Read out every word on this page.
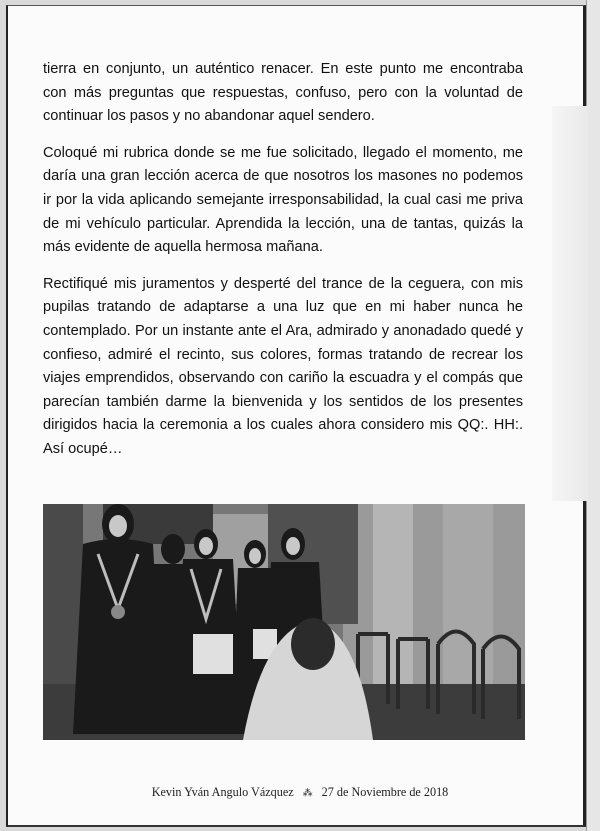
tierra en conjunto, un auténtico renacer. En este punto me encontraba con más preguntas que respuestas, confuso, pero con la voluntad de continuar los pasos y no abandonar aquel sendero.

Coloqué mi rubrica donde se me fue solicitado, llegado el momento, me daría una gran lección acerca de que nosotros los masones no podemos ir por la vida aplicando semejante irresponsabilidad, la cual casi me priva de mi vehículo particular. Aprendida la lección, una de tantas, quizás la más evidente de aquella hermosa mañana.

Rectifiqué mis juramentos y desperté del trance de la ceguera, con mis pupilas tratando de adaptarse a una luz que en mi haber nunca he contemplado. Por un instante ante el Ara, admirado y anonadado quedé y confieso, admiré el recinto, sus colores, formas tratando de recrear los viajes emprendidos, observando con cariño la escuadra y el compás que parecían también darme la bienvenida y los sentidos de los presentes dirigidos hacia la ceremonia a los cuales ahora considero mis QQ:. HH:. Así ocupé…

Kevin Yván Angulo Vázquez ⁂ 27 de Noviembre de 2018
